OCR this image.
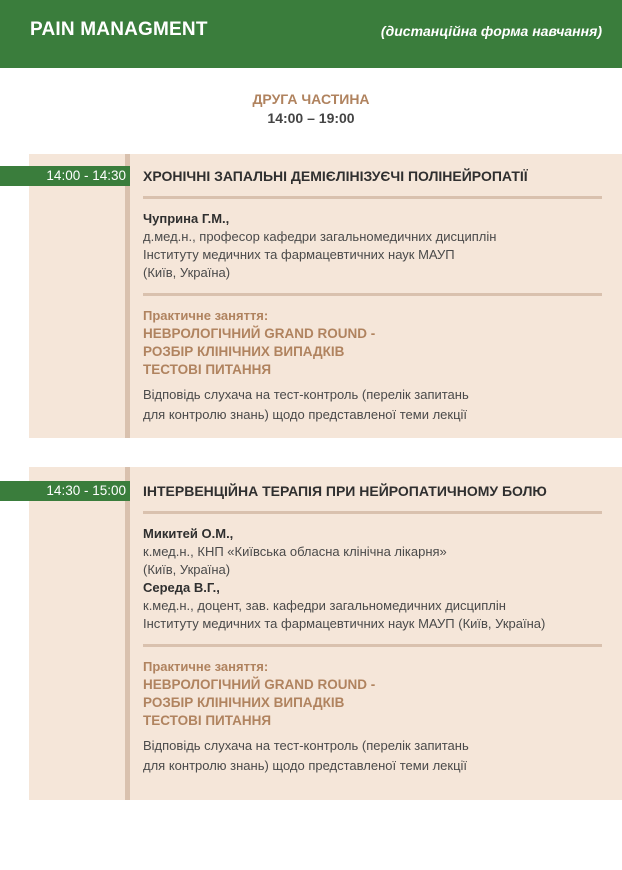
PAIN MANAGMENT	(дистанційна форма навчання)
ДРУГА ЧАСТИНА
14:00 – 19:00
14:00 - 14:30 ХРОНІЧНІ ЗАПАЛЬНІ ДЕМІЄЛІНІЗУЄЧІ ПОЛІНЕЙРОПАТІЇ
Чуприна Г.М.,
д.мед.н., професор кафедри загальномедичних дисциплін
Інституту медичних та фармацевтичних наук МАУП
(Київ, Україна)
Практичне заняття:
НЕВРОЛОГІЧНИЙ GRAND ROUND -
РОЗБІР КЛІНІЧНИХ ВИПАДКІВ
ТЕСТОВІ ПИТАННЯ
Відповідь слухача на тест-контроль (перелік запитань
для контролю знань) щодо представленої теми лекції
14:30 - 15:00 ІНТЕРВЕНЦІЙНА ТЕРАПІЯ ПРИ НЕЙРОПАТИЧНОМУ БОЛЮ
Микитей О.М.,
к.мед.н., КНП «Київська обласна клінічна лікарня»
(Київ, Україна)
Середа В.Г.,
к.мед.н., доцент, зав. кафедри загальномедичних дисциплін
Інституту медичних та фармацевтичних наук МАУП (Київ, Україна)
Практичне заняття:
НЕВРОЛОГІЧНИЙ GRAND ROUND -
РОЗБІР КЛІНІЧНИХ ВИПАДКІВ
ТЕСТОВІ ПИТАННЯ
Відповідь слухача на тест-контроль (перелік запитань
для контролю знань) щодо представленої теми лекції
